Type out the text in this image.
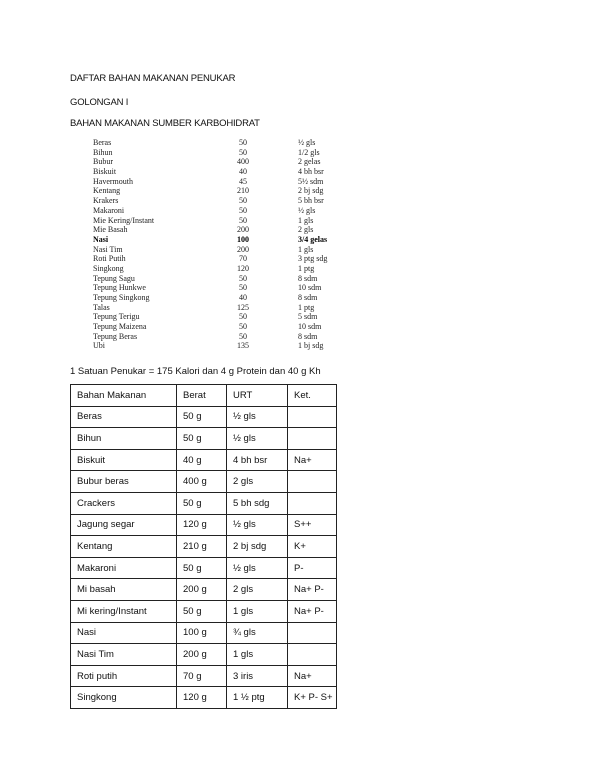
DAFTAR BAHAN MAKANAN PENUKAR
GOLONGAN I
BAHAN MAKANAN SUMBER KARBOHIDRAT
Beras	50	½ gls
Bihun	50	1/2 gls
Bubur	400	2 gelas
Biskuit	40	4 bh bsr
Havermouth	45	5½ sdm
Kentang	210	2 bj sdg
Krakers	50	5 bh bsr
Makaroni	50	½ gls
Mie Kering/Instant	50	1 gls
Mie Basah	200	2 gls
Nasi	100	3/4 gelas
Nasi Tim	200	1 gls
Roti Putih	70	3 ptg sdg
Singkong	120	1 ptg
Tepung Sagu	50	8 sdm
Tepung Hunkwe	50	10 sdm
Tepung Singkong	40	8 sdm
Talas	125	1 ptg
Tepung Terigu	50	5 sdm
Tepung Maizena	50	10 sdm
Tepung Beras	50	8 sdm
Ubi	135	1 bj sdg
1 Satuan Penukar = 175 Kalori dan 4 g Protein dan 40 g Kh
Bahan Makanan	Berat	URT	Ket.
Beras	50 g	½ gls	
Bihun	50 g	½ gls	
Biskuit	40 g	4 bh bsr	Na+
Bubur beras	400 g	2 gls	
Crackers	50 g	5 bh sdg	
Jagung segar	120 g	½ gls	S++
Kentang	210 g	2 bj sdg	K+
Makaroni	50 g	½ gls	P-
Mi basah	200 g	2 gls	Na+ P-
Mi kering/Instant	50 g	1 gls	Na+ P-
Nasi	100 g	¾ gls	
Nasi Tim	200 g	1 gls	
Roti putih	70 g	3 iris	Na+
Singkong	120 g	1 ½ ptg	K+ P- S+
